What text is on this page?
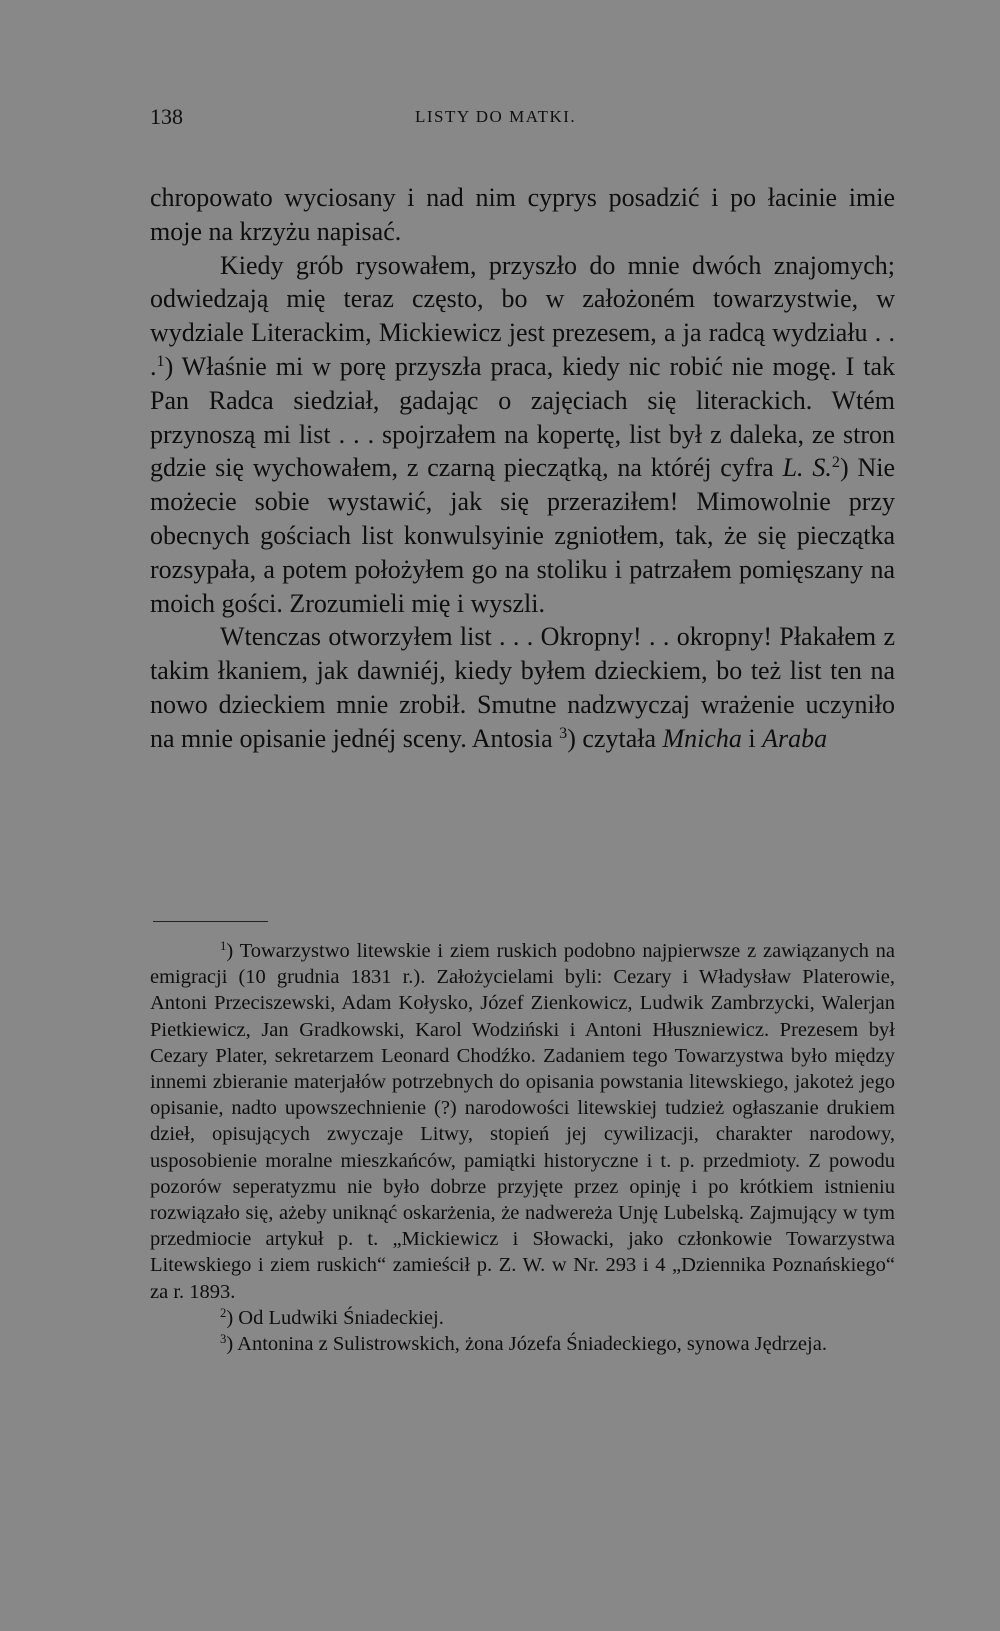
138	LISTY DO MATKI.

chropowato wyciosany i nad nim cyprys posadzić i po łacinie imie moje na krzyżu napisać.

Kiedy grób rysowałem, przyszło do mnie dwóch znajomych; odwiedzają mię teraz często, bo w założoném towarzystwie, w wydziale Literackim, Mickiewicz jest prezesem, a ja radcą wydziału . . .$^1$) Właśnie mi w porę przyszła praca, kiedy nic robić nie mogę. I tak Pan Radca siedział, gadając o zajęciach się literackich. Wtém przynoszą mi list . . . spojrzałem na kopertę, list był z daleka, ze stron gdzie się wychowałem, z czarną pieczątką, na któréj cyfra L. S.$^2$) Nie możecie sobie wystawić, jak się przeraziłem! Mimowolnie przy obecnych gościach list konwulsyinie zgniotłem, tak, że się pieczątka rozsypała, a potem położyłem go na stoliku i patrzałem pomięszany na moich gości. Zrozumieli mię i wyszli.

Wtenczas otworzyłem list . . . Okropny! . . okropny! Płakałem z takim łkaniem, jak dawniéj, kiedy byłem dzieckiem, bo też list ten na nowo dzieckiem mnie zrobił. Smutne nadzwyczaj wrażenie uczyniło na mnie opisanie jednéj sceny. Antosia $^3$) czytała Mnicha i Araba

$^1$) Towarzystwo litewskie i ziem ruskich podobno najpierwsze z zawiązanych na emigracji (10 grudnia 1831 r.). Założycielami byli: Cezary i Władysław Platerowie, Antoni Przeciszewski, Adam Kołysko, Józef Zienkowicz, Ludwik Zambrzycki, Walerjan Pietkiewicz, Jan Gradkowski, Karol Wodziński i Antoni Hłuszniewicz. Prezesem był Cezary Plater, sekretarzem Leonard Chodźko. Zadaniem tego Towarzystwa było między innemi zbieranie materjałów potrzebnych do opisania powstania litewskiego, jakoteż jego opisanie, nadto upowszechnienie (?) narodowości litewskiej tudzież ogłaszanie drukiem dzieł, opisujących zwyczaje Litwy, stopień jej cywilizacji, charakter narodowy, usposobienie moralne mieszkańców, pamiątki historyczne i t. p. przedmioty. Z powodu pozorów seperatyzmu nie było dobrze przyjęte przez opinję i po krótkiem istnieniu rozwiązało się, ażeby uniknąć oskarżenia, że nadwereża Unję Lubelską. Zajmujący w tym przedmiocie artykuł p. t. „Mickiewicz i Słowacki, jako członkowie Towarzystwa Litewskiego i ziem ruskich“ zamieścił p. Z. W. w Nr. 293 i 4 „Dziennika Poznańskiego“ za r. 1893.

$^2$) Od Ludwiki Śniadeckiej.

$^3$) Antonina z Sulistrowskich, żona Józefa Śniadeckiego, synowa Jędrzeja.
